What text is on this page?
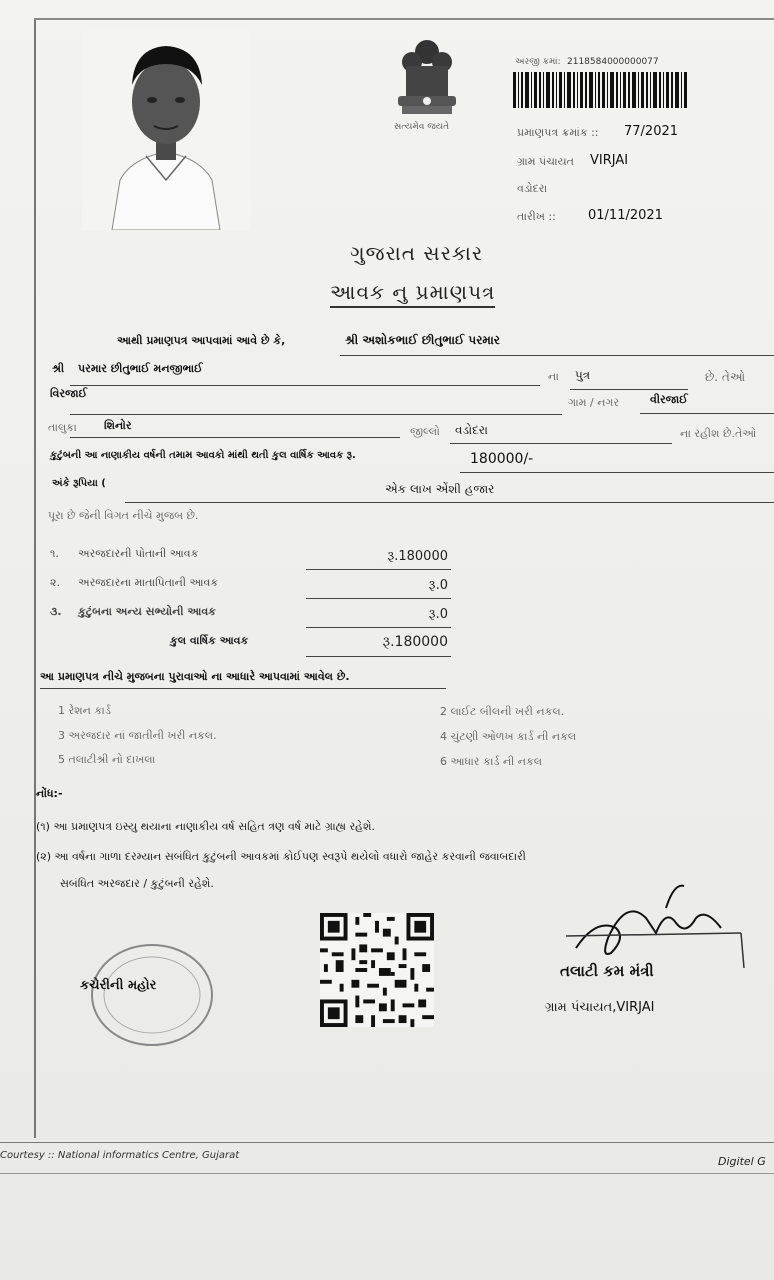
સત્યમેવ જયતે
અરજી ક્રમાં: 2118584000000077
પ્રમાણપત્ર ક્રમાંક :: 77/2021
ગ્રામ પંચાયત VIRJAI
વડોદરા
તારીખ :: 01/11/2021
ગુજરાત સરકાર
આવક નુ પ્રમાણપત્ર
આથી પ્રમાણપત્ર આપવામાં આવે છે કે,	શ્રી અશોકભાઈ છીતુભાઈ પરમાર
શ્રી પરમાર છીતુભાઈ મનજીભાઈ
ના પુત્ર	છે. તેઓ
વિરજાઈ
ગામ / નગર	વીરજાઈ
તાલુકા શિનોર	જીલ્લો વડોદરા	ના રહીશ છે.તેઓ
કુટુંબની આ નાણાકીય વર્ષની તમામ આવકો માંથી થતી કુલ વાર્ષિક આવક રૂ.	180000/-
અંકે રૂપિયા (	એક લાખ એંશી હજાર
પૂરા છે જેની વિગત નીચે મુજબ છે.
૧. અરજદારની પોતાની આવક	રૂ.180000
૨. અરજદારના માતાપિતાની આવક	રૂ.0
૩. કુટુંબના અન્ય સભ્યોની આવક	રૂ.0
કુલ વાર્ષિક આવક	રૂ.180000
આ પ્રમાણપત્ર નીચે મુજબના પુરાવાઓ ના આધારે આપવામાં આવેલ છે.
1 રેશન કાર્ડ
3 અરજદાર નાં જાતીની ખરી નકલ.
5 તલાટીશ્રી નો દાખલા
2 લાઈટ બીલની ખરી નકલ.
4 ચુંટણી ઓળખ કાર્ડ ની નકલ
6 આધાર કાર્ડ ની નકલ
નોંધ:-
(૧) આ પ્રમાણપત્ર ઇસ્યુ થયાના નાણાકીય વર્ષ સહિત ત્રણ વર્ષ માટે ગ્રાહ્ય રહેશે.
(૨) આ વર્ષના ગાળા દરમ્યાન સબંધિત કુટુંબની આવકમાં કોઈપણ સ્વરૂપે થયેલો વધારો જાહેર કરવાની જવાબદારી
સબંધિત અરજદાર / કુટુંબની રહેશે.
કચેરીની મહોર
તલાટી કમ મંત્રી
ગ્રામ પંચાયત,VIRJAI
Courtesy :: National informatics Centre, Gujarat	Digitel G
